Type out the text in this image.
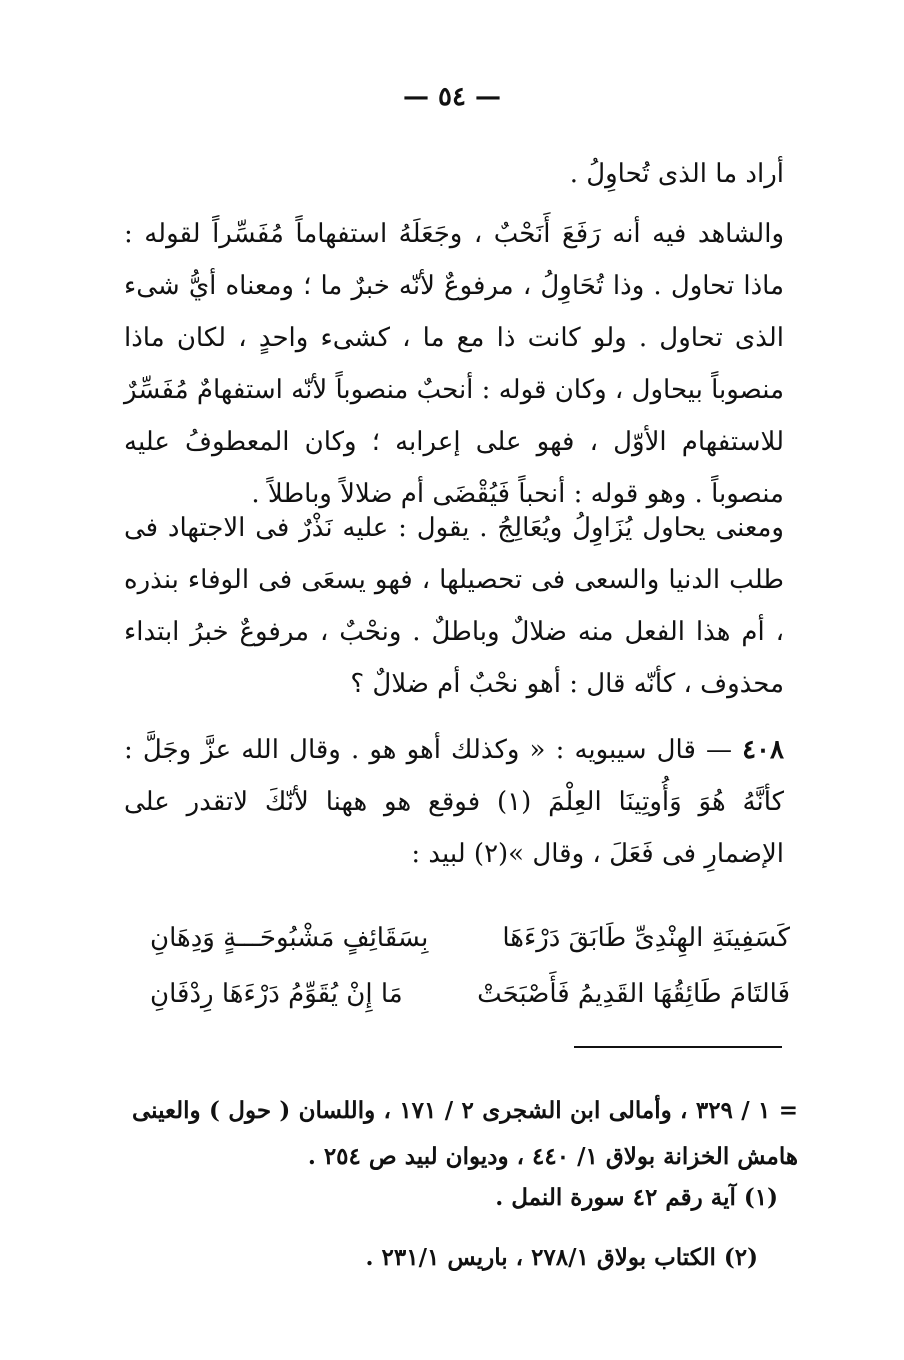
— ٥٤ —

أراد ما الذى تُحاوِلُ .

والشاهد فيه أنه رَفَعَ أَنَحْبٌ ، وجَعَلَهُ استفهاماً مُفَسِّراً لقوله : ماذا تحاول . وذا تُحَاوِلُ ، مرفوعٌ لأنّه خبرٌ ما ؛ ومعناه أيُّ شىء الذى تحاول . ولو كانت ذا مع ما ، كشىء واحدٍ ، لكان ماذا منصوباً بيحاول ، وكان قوله : أنحبٌ منصوباً لأنّه استفهامٌ مُفَسِّرٌ للاستفهام الأوّل ، فهو على إعرابه ؛ وكان المعطوفُ عليه منصوباً . وهو قوله : أنحباً فَيُقْضَى أم ضلالاً وباطلاً .

ومعنى يحاول يُزَاوِلُ ويُعَالِجُ . يقول : عليه نَذْرٌ فى الاجتهاد فى طلب الدنيا والسعى فى تحصيلها ، فهو يسعَى فى الوفاء بنذره ، أم هذا الفعل منه ضلالٌ وباطلٌ . ونحْبٌ ، مرفوعٌ خبرُ ابتداء محذوف ، كأنّه قال : أهو نحْبٌ أم ضلالٌ ؟

٤٠٨ — قال سيبويه : « وكذلك أهو هو . وقال الله عزَّ وجَلَّ : كأنَّهُ هُوَ وَأُوتِينَا العِلْمَ (١) فوقع هو ههنا لأنّكَ لاتقدر على الإضمارِ فى فَعَلَ ، وقال »(٢) لبيد :

كَسَفِينَةِ الهِنْدِىِّ طَابَقَ دَرْءَهَا
بِسَقَائِفٍ مَشْبُوحَـــةٍ وَدِهَانِ
فَالتَامَ طَائِقُهَا القَدِيمُ فَأَصْبَحَتْ
مَا إِنْ يُقَوِّمُ دَرْءَهَا رِدْفَانِ
= ١ / ٣٢٩ ، وأمالى ابن الشجرى ٢ / ١٧١ ، واللسان ( حول ) والعينى هامش الخزانة بولاق ١/ ٤٤٠ ، وديوان لبيد ص ٢٥٤ .
(١) آية رقم ٤٢ سورة النمل .
(٢) الكتاب بولاق ٢٧٨/١ ، باريس ٢٣١/١ .
